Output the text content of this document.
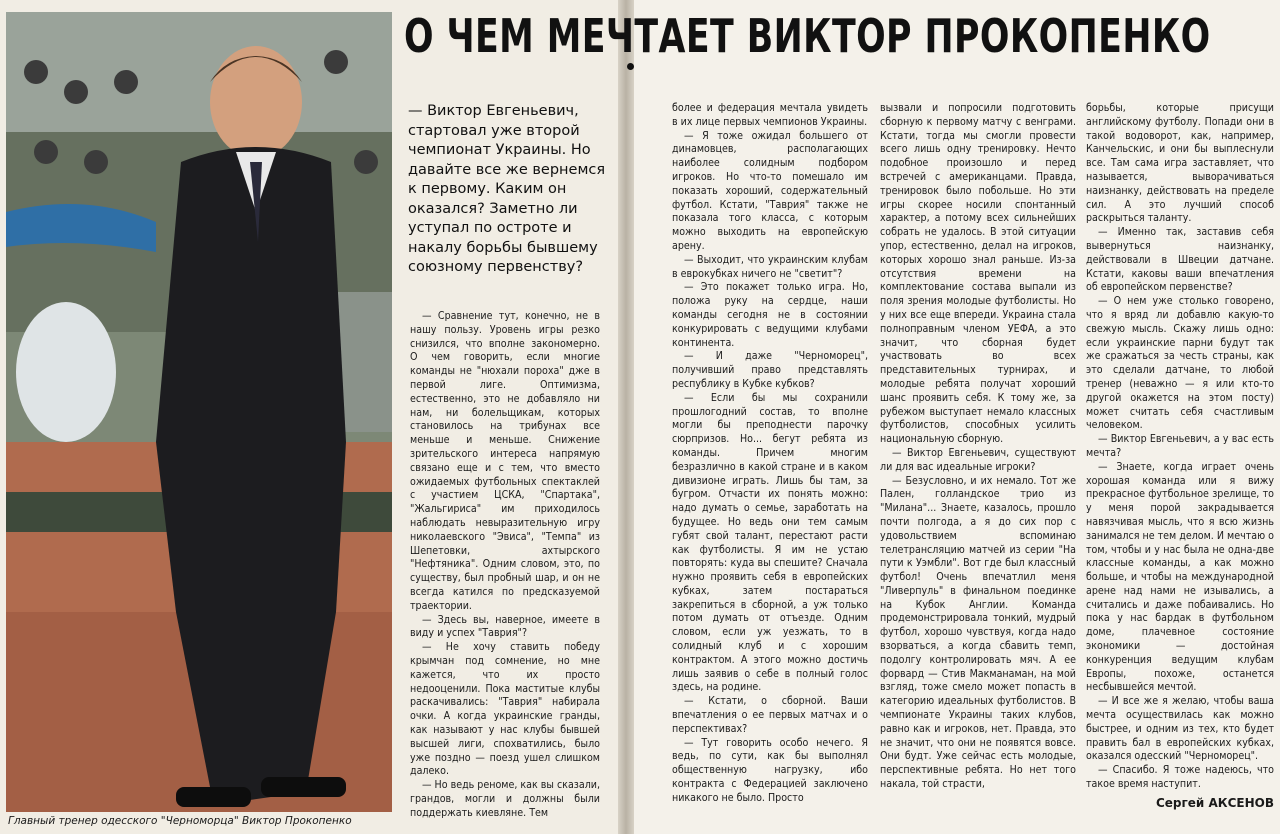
Главный тренер одесского "Черноморца" Виктор Прокопенко
О ЧЕМ МЕЧТАЕТ ВИКТОР ПРОКОПЕНКО
— Виктор Евгеньевич, стартовал уже второй чемпионат Украины. Но давайте все же вернемся к первому. Каким он оказался? Заметно ли уступал по остроте и накалу борьбы бывшему союзному первенству?

— Сравнение тут, конечно, не в нашу пользу. Уровень игры резко снизился, что вполне закономерно. О чем говорить, если многие команды не "нюхали пороха" дже в первой лиге. Оптимизма, естественно, это не добавляло ни нам, ни болельщикам, которых становилось на трибунах все меньше и меньше. Снижение зрительского интереса напрямую связано еще и с тем, что вместо ожидаемых футбольных спектаклей с участием ЦСКА, "Спартака", "Жальгириса" им приходилось наблюдать невыразительную игру николаевского "Эвиса", "Темпа" из Шепетовки, ахтырского "Нефтяника". Одним словом, это, по существу, был пробный шар, и он не всегда катился по предсказуемой траектории.

— Здесь вы, наверное, имеете в виду и успех "Таврия"?

— Не хочу ставить победу крымчан под сомнение, но мне кажется, что их просто недооценили. Пока маститые клубы раскачивались: "Таврия" набирала очки. А когда украинские гранды, как называют у нас клубы бывшей высшей лиги, спохватились, было уже поздно — поезд ушел слишком далеко.

— Но ведь реноме, как вы сказали, грандов, могли и должны были поддержать киевляне. Тем

более и федерация мечтала увидеть в их лице первых чемпионов Украины.

— Я тоже ожидал большего от динамовцев, располагающих наиболее солидным подбором игроков. Но что-то помешало им показать хороший, содержательный футбол. Кстати, "Таврия" также не показала того класса, с которым можно выходить на европейскую арену.

— Выходит, что украинским клубам в еврокубках ничего не "светит"?

— Это покажет только игра. Но, положа руку на сердце, наши команды сегодня не в состоянии конкурировать с ведущими клубами континента.

— И даже "Черноморец", получивший право представлять республику в Кубке кубков?

— Если бы мы сохранили прошлогодний состав, то вполне могли бы преподнести парочку сюрпризов. Но... бегут ребята из команды. Причем многим безразлично в какой стране и в каком дивизионе играть. Лишь бы там, за бугром. Отчасти их понять можно: надо думать о семье, заработать на будущее. Но ведь они тем самым губят свой талант, перестают расти как футболисты. Я им не устаю повторять: куда вы спешите? Сначала нужно проявить себя в европейских кубках, затем постараться закрепиться в сборной, а уж только потом думать от отъезде. Одним словом, если уж уезжать, то в солидный клуб и с хорошим контрактом. А этого можно достичь лишь заявив о себе в полный голос здесь, на родине.

— Кстати, о сборной. Ваши впечатления о ее первых матчах и о перспективах?

— Тут говорить особо нечего. Я ведь, по сути, как бы выполнял общественную нагрузку, ибо контракта с Федерацией заключено никакого не было. Просто

вызвали и попросили подготовить сборную к первому матчу с венграми. Кстати, тогда мы смогли провести всего лишь одну тренировку. Нечто подобное произошло и перед встречей с американцами. Правда, тренировок было побольше. Но эти игры скорее носили спонтанный характер, а потому всех сильнейших собрать не удалось. В этой ситуации упор, естественно, делал на игроков, которых хорошо знал раньше. Из-за отсутствия времени на комплектование состава выпали из поля зрения молодые футболисты. Но у них все еще впереди. Украина стала полноправным членом УЕФА, а это значит, что сборная будет участвовать во всех представительных турнирах, и молодые ребята получат хороший шанс проявить себя. К тому же, за рубежом выступает немало классных футболистов, способных усилить национальную сборную.

— Виктор Евгеньевич, существуют ли для вас идеальные игроки?

— Безусловно, и их немало. Тот же Пален, голландское трио из "Милана"... Знаете, казалось, прошло почти полгода, а я до сих пор с удовольствием вспоминаю телетрансляцию матчей из серии "На пути к Уэмбли". Вот где был классный футбол! Очень впечатлил меня "Ливерпуль" в финальном поединке на Кубок Англии. Команда продемонстрировала тонкий, мудрый футбол, хорошо чувствуя, когда надо взорваться, а когда сбавить темп, подолгу контролировать мяч. А ее форвард — Стив Макманаман, на мой взгляд, тоже смело может попасть в категорию идеальных футболистов. В чемпионате Украины таких клубов, равно как и игроков, нет. Правда, это не значит, что они не появятся вовсе. Они будт. Уже сейчас есть молодые, перспективные ребята. Но нет того накала, той страсти,

борьбы, которые присущи английскому футболу. Попади они в такой водоворот, как, например, Канчельскис, и они бы выплеснули все. Там сама игра заставляет, что называется, выворачиваться наизнанку, действовать на пределе сил. А это лучший способ раскрыться таланту.

— Именно так, заставив себя вывернуться наизнанку, действовали в Швеции датчане. Кстати, каковы ваши впечатления об европейском первенстве?

— О нем уже столько говорено, что я вряд ли добавлю какую-то свежую мысль. Скажу лишь одно: если украинские парни будут так же сражаться за честь страны, как это сделали датчане, то любой тренер (неважно — я или кто-то другой окажется на этом посту) может считать себя счастливым человеком.

— Виктор Евгеньевич, а у вас есть мечта?

— Знаете, когда играет очень хорошая команда или я вижу прекрасное футбольное зрелище, то у меня порой закрадывается навязчивая мысль, что я всю жизнь занимался не тем делом. И мечтаю о том, чтобы и у нас была не одна-две классные команды, а как можно больше, и чтобы на международной арене над нами не изывались, а считались и даже побаивались. Но пока у нас бардак в футбольном доме, плачевное состояние экономики — достойная конкуренция ведущим клубам Европы, похоже, останется несбывшейся мечтой.

— И все же я желаю, чтобы ваша мечта осуществилась как можно быстрее, и одним из тех, кто будет править бал в европейских кубках, оказался одесский "Черноморец".

— Спасибо. Я тоже надеюсь, что такое время наступит.

Сергей АКСЕНОВ
